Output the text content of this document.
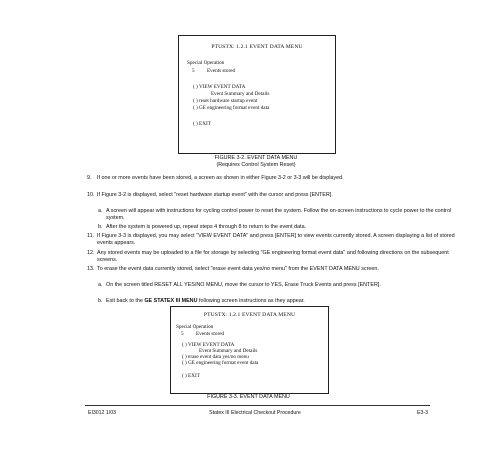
PTUSTX: 1.2.1 EVENT DATA MENU
Special Operation
5 Events stored
( ) VIEW EVENT DATA
Event Summary and Details
( ) reset hardware startup event
( ) GE engineering format event data
( ) EXIT
FIGURE 3-2. EVENT DATA MENU
(Requires Control System Reset)
9. If one or more events have been stored, a screen as shown in either Figure 3-2 or 3-3 will be displayed.
10. If Figure 3-2 is displayed, select "reset hardware startup event" with the cursor and press [ENTER].
a. A screen will appear with instructions for cycling control power to reset the system. Follow the on-screen instructions to cycle power to the control system.
b. After the system is powered up, repeat steps 4 through 8 to return to the event data.
11. If Figure 3-3 is displayed, you may select "VIEW EVENT DATA" and press [ENTER] to view events currently stored. A screen displaying a list of stored events appears.
12. Any stored events may be uploaded to a file for storage by selecting "GE engineering format event data" and following directions on the subsequent screens.
13. To erase the event data currently stored, select "erase event data yes/no menu" from the EVENT DATA MENU screen.
a. On the screen titled RESET ALL YES/NO MENU, move the cursor to YES, Erase Truck Events and press [ENTER].
b. Exit back to the GE STATEX III MENU following screen instructions as they appear.
PTUSTX: 1.2.1 EVENT DATA MENU
Special Operation
5 Events stored
( ) VIEW EVENT DATA
Event Summary and Details
( ) erase event data yes/no menu
( ) GE engineering format event data
( ) EXIT
FIGURE 3-3. EVENT DATA MENU
EI3012 1/03	Statex III Electrical Checkout Procedure	E3-3
